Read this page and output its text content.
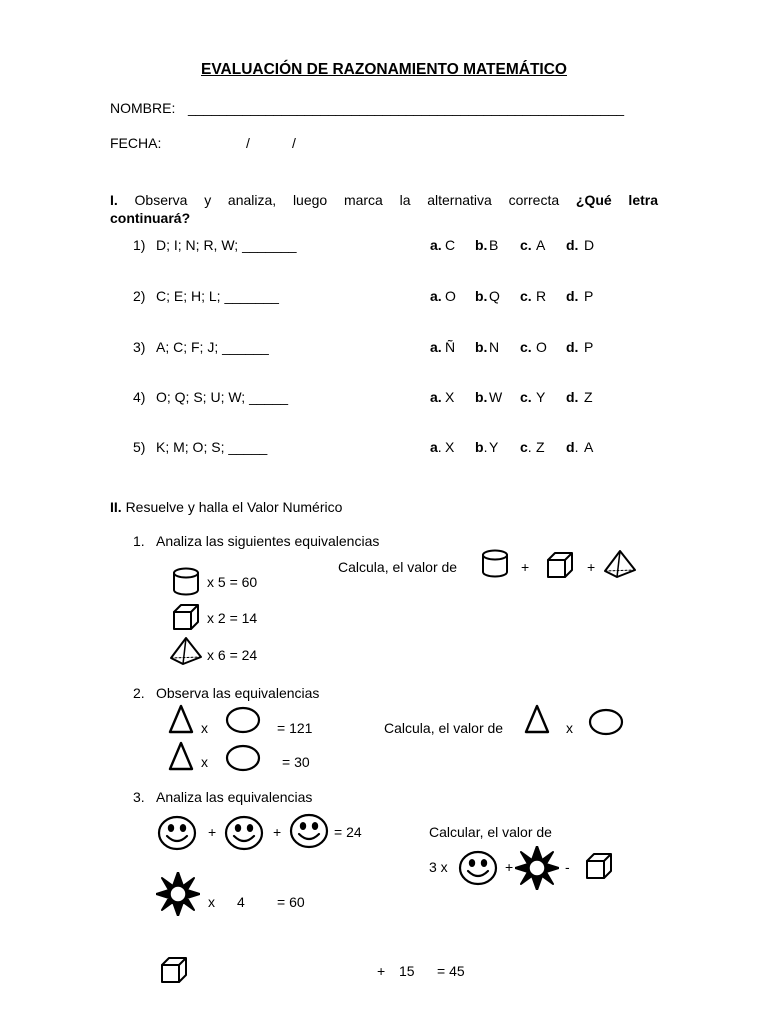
EVALUACIÓN DE RAZONAMIENTO MATEMÁTICO
NOMBRE: ________________________________________________________
FECHA:	/	/
I. Observa y analiza, luego marca la alternativa correcta ¿Qué letra
continuará?
1) D; I; N; R, W; _______	a. C b. B c. A d. D
2) C; E; H; L; _______	a. O b. Q c. R d. P
3) A; C; F; J; ______	a. Ñ b. N c. O d. P
4) O; Q; S; U; W; _____	a. X b. W c. Y d. Z
5) K; M; O; S; _____	a. X b. Y c. Z d. A
II. Resuelve y halla el Valor Numérico
1. Analiza las siguientes equivalencias
x 5 = 60
x 2 = 14
x 6 = 24
Calcula, el valor de	+	+
2. Observa las equivalencias
x	= 121
x	= 30
Calcula, el valor de	x
3. Analiza las equivalencias
+	+	= 24	Calcular, el valor de
3 x	+	-
x 4 = 60
+ 15 = 45
